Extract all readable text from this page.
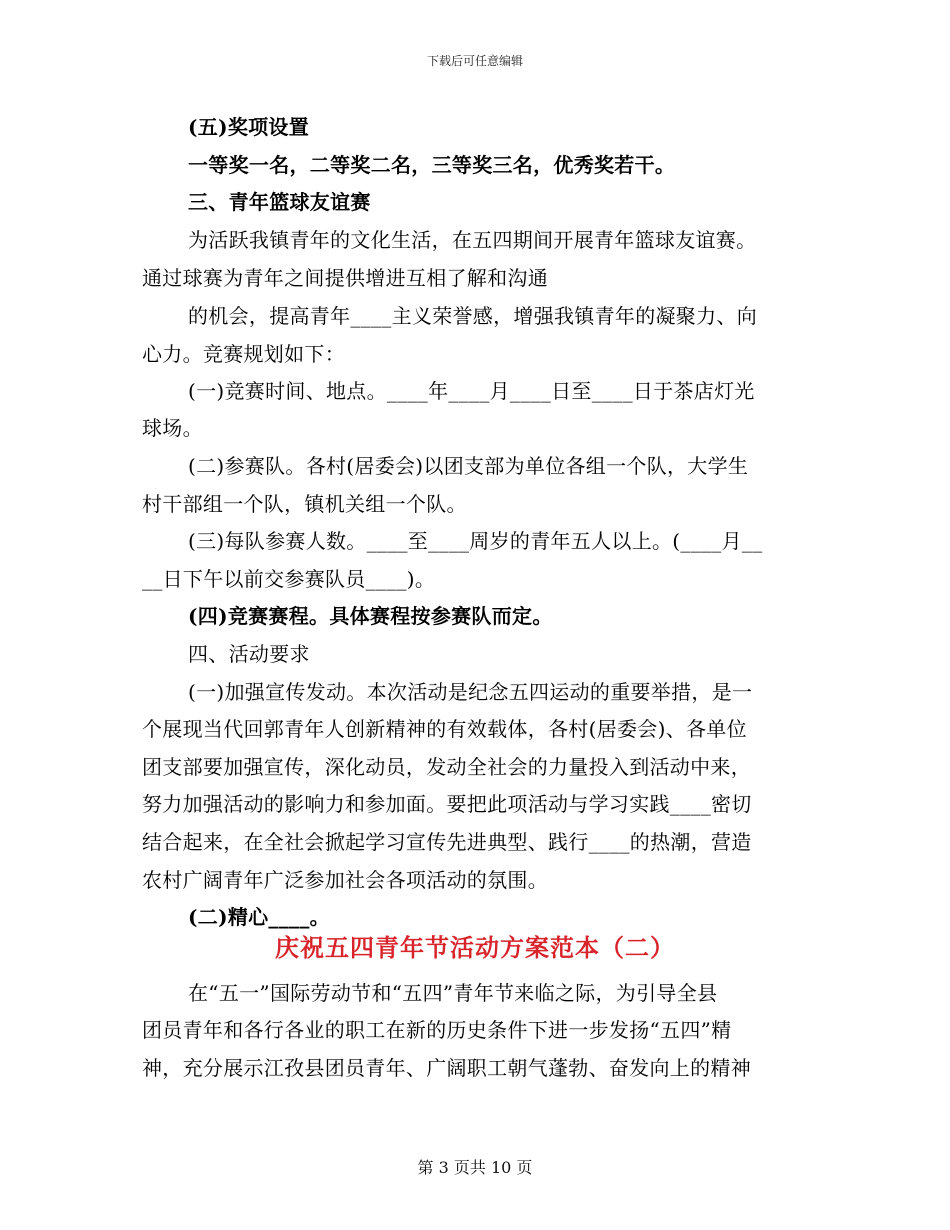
下载后可任意编辑
(五)奖项设置
一等奖一名，二等奖二名，三等奖三名，优秀奖若干。
三、青年篮球友谊赛
为活跃我镇青年的文化生活，在五四期间开展青年篮球友谊赛。
通过球赛为青年之间提供增进互相了解和沟通
的机会，提高青年____主义荣誉感，增强我镇青年的凝聚力、向
心力。竞赛规划如下：
(一)竞赛时间、地点。____年____月____日至____日于茶店灯光
球场。
(二)参赛队。各村(居委会)以团支部为单位各组一个队，大学生
村干部组一个队，镇机关组一个队。
(三)每队参赛人数。____至____周岁的青年五人以上。(____月__
__日下午以前交参赛队员____)。
(四)竞赛赛程。具体赛程按参赛队而定。
四、活动要求
(一)加强宣传发动。本次活动是纪念五四运动的重要举措，是一
个展现当代回郭青年人创新精神的有效载体，各村(居委会)、各单位
团支部要加强宣传，深化动员，发动全社会的力量投入到活动中来，
努力加强活动的影响力和参加面。要把此项活动与学习实践____密切
结合起来，在全社会掀起学习宣传先进典型、践行____的热潮，营造
农村广阔青年广泛参加社会各项活动的氛围。
(二)精心____。
庆祝五四青年节活动方案范本（二）
在“五一”国际劳动节和“五四”青年节来临之际，为引导全县
团员青年和各行各业的职工在新的历史条件下进一步发扬“五四”精
神，充分展示江孜县团员青年、广阔职工朝气蓬勃、奋发向上的精神
第 3 页共 10 页
